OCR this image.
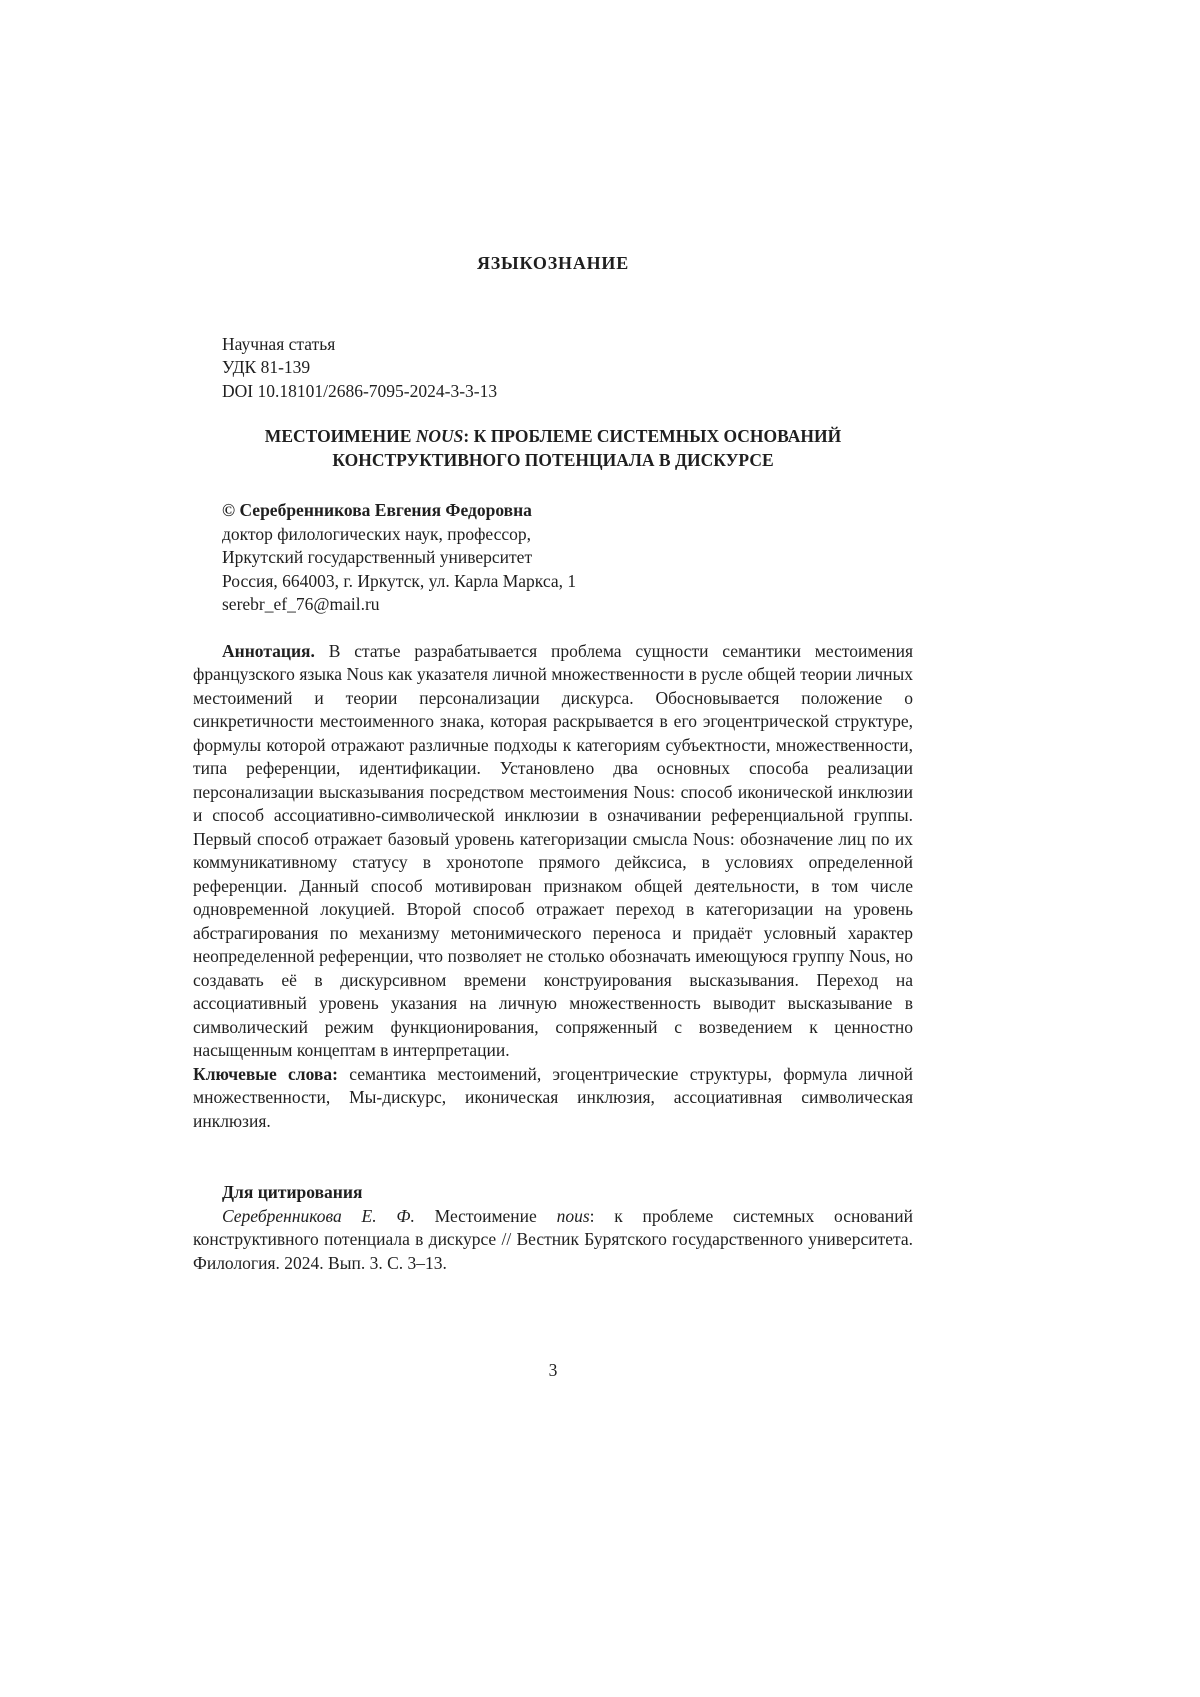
ЯЗЫКОЗНАНИЕ

Научная статья

УДК 81-139

DOI 10.18101/2686-7095-2024-3-3-13

МЕСТОИМЕНИЕ NOUS: К ПРОБЛЕМЕ СИСТЕМНЫХ ОСНОВАНИЙ
КОНСТРУКТИВНОГО ПОТЕНЦИАЛА В ДИСКУРСЕ

© Серебренникова Евгения Федоровна

доктор филологических наук, профессор,

Иркутский государственный университет

Россия, 664003, г. Иркутск, ул. Карла Маркса, 1

serebr_ef_76@mail.ru

Аннотация. В статье разрабатывается проблема сущности семантики местоимения французского языка Nous как указателя личной множественности в русле общей теории личных местоимений и теории персонализации дискурса. Обосновывается положение о синкретичности местоименного знака, которая раскрывается в его эгоцентрической структуре, формулы которой отражают различные подходы к категориям субъектности, множественности, типа референции, идентификации. Установлено два основных способа реализации персонализации высказывания посредством местоимения Nous: способ иконической инклюзии и способ ассоциативно-символической инклюзии в означивании референциальной группы. Первый способ отражает базовый уровень категоризации смысла Nous: обозначение лиц по их коммуникативному статусу в хронотопе прямого дейксиса, в условиях определенной референции. Данный способ мотивирован признаком общей деятельности, в том числе одновременной локуцией. Второй способ отражает переход в категоризации на уровень абстрагирования по механизму метонимического переноса и придаёт условный характер неопределенной референции, что позволяет не столько обозначать имеющуюся группу Nous, но создавать её в дискурсивном времени конструирования высказывания. Переход на ассоциативный уровень указания на личную множественность выводит высказывание в символический режим функционирования, сопряженный с возведением к ценностно насыщенным концептам в интерпретации.

Ключевые слова: семантика местоимений, эгоцентрические структуры, формула личной множественности, Мы-дискурс, иконическая инклюзия, ассоциативная символическая инклюзия.

Для цитирования

Серебренникова Е. Ф. Местоимение nous: к проблеме системных оснований конструктивного потенциала в дискурсе // Вестник Бурятского государственного университета. Филология. 2024. Вып. 3. С. 3–13.

3
